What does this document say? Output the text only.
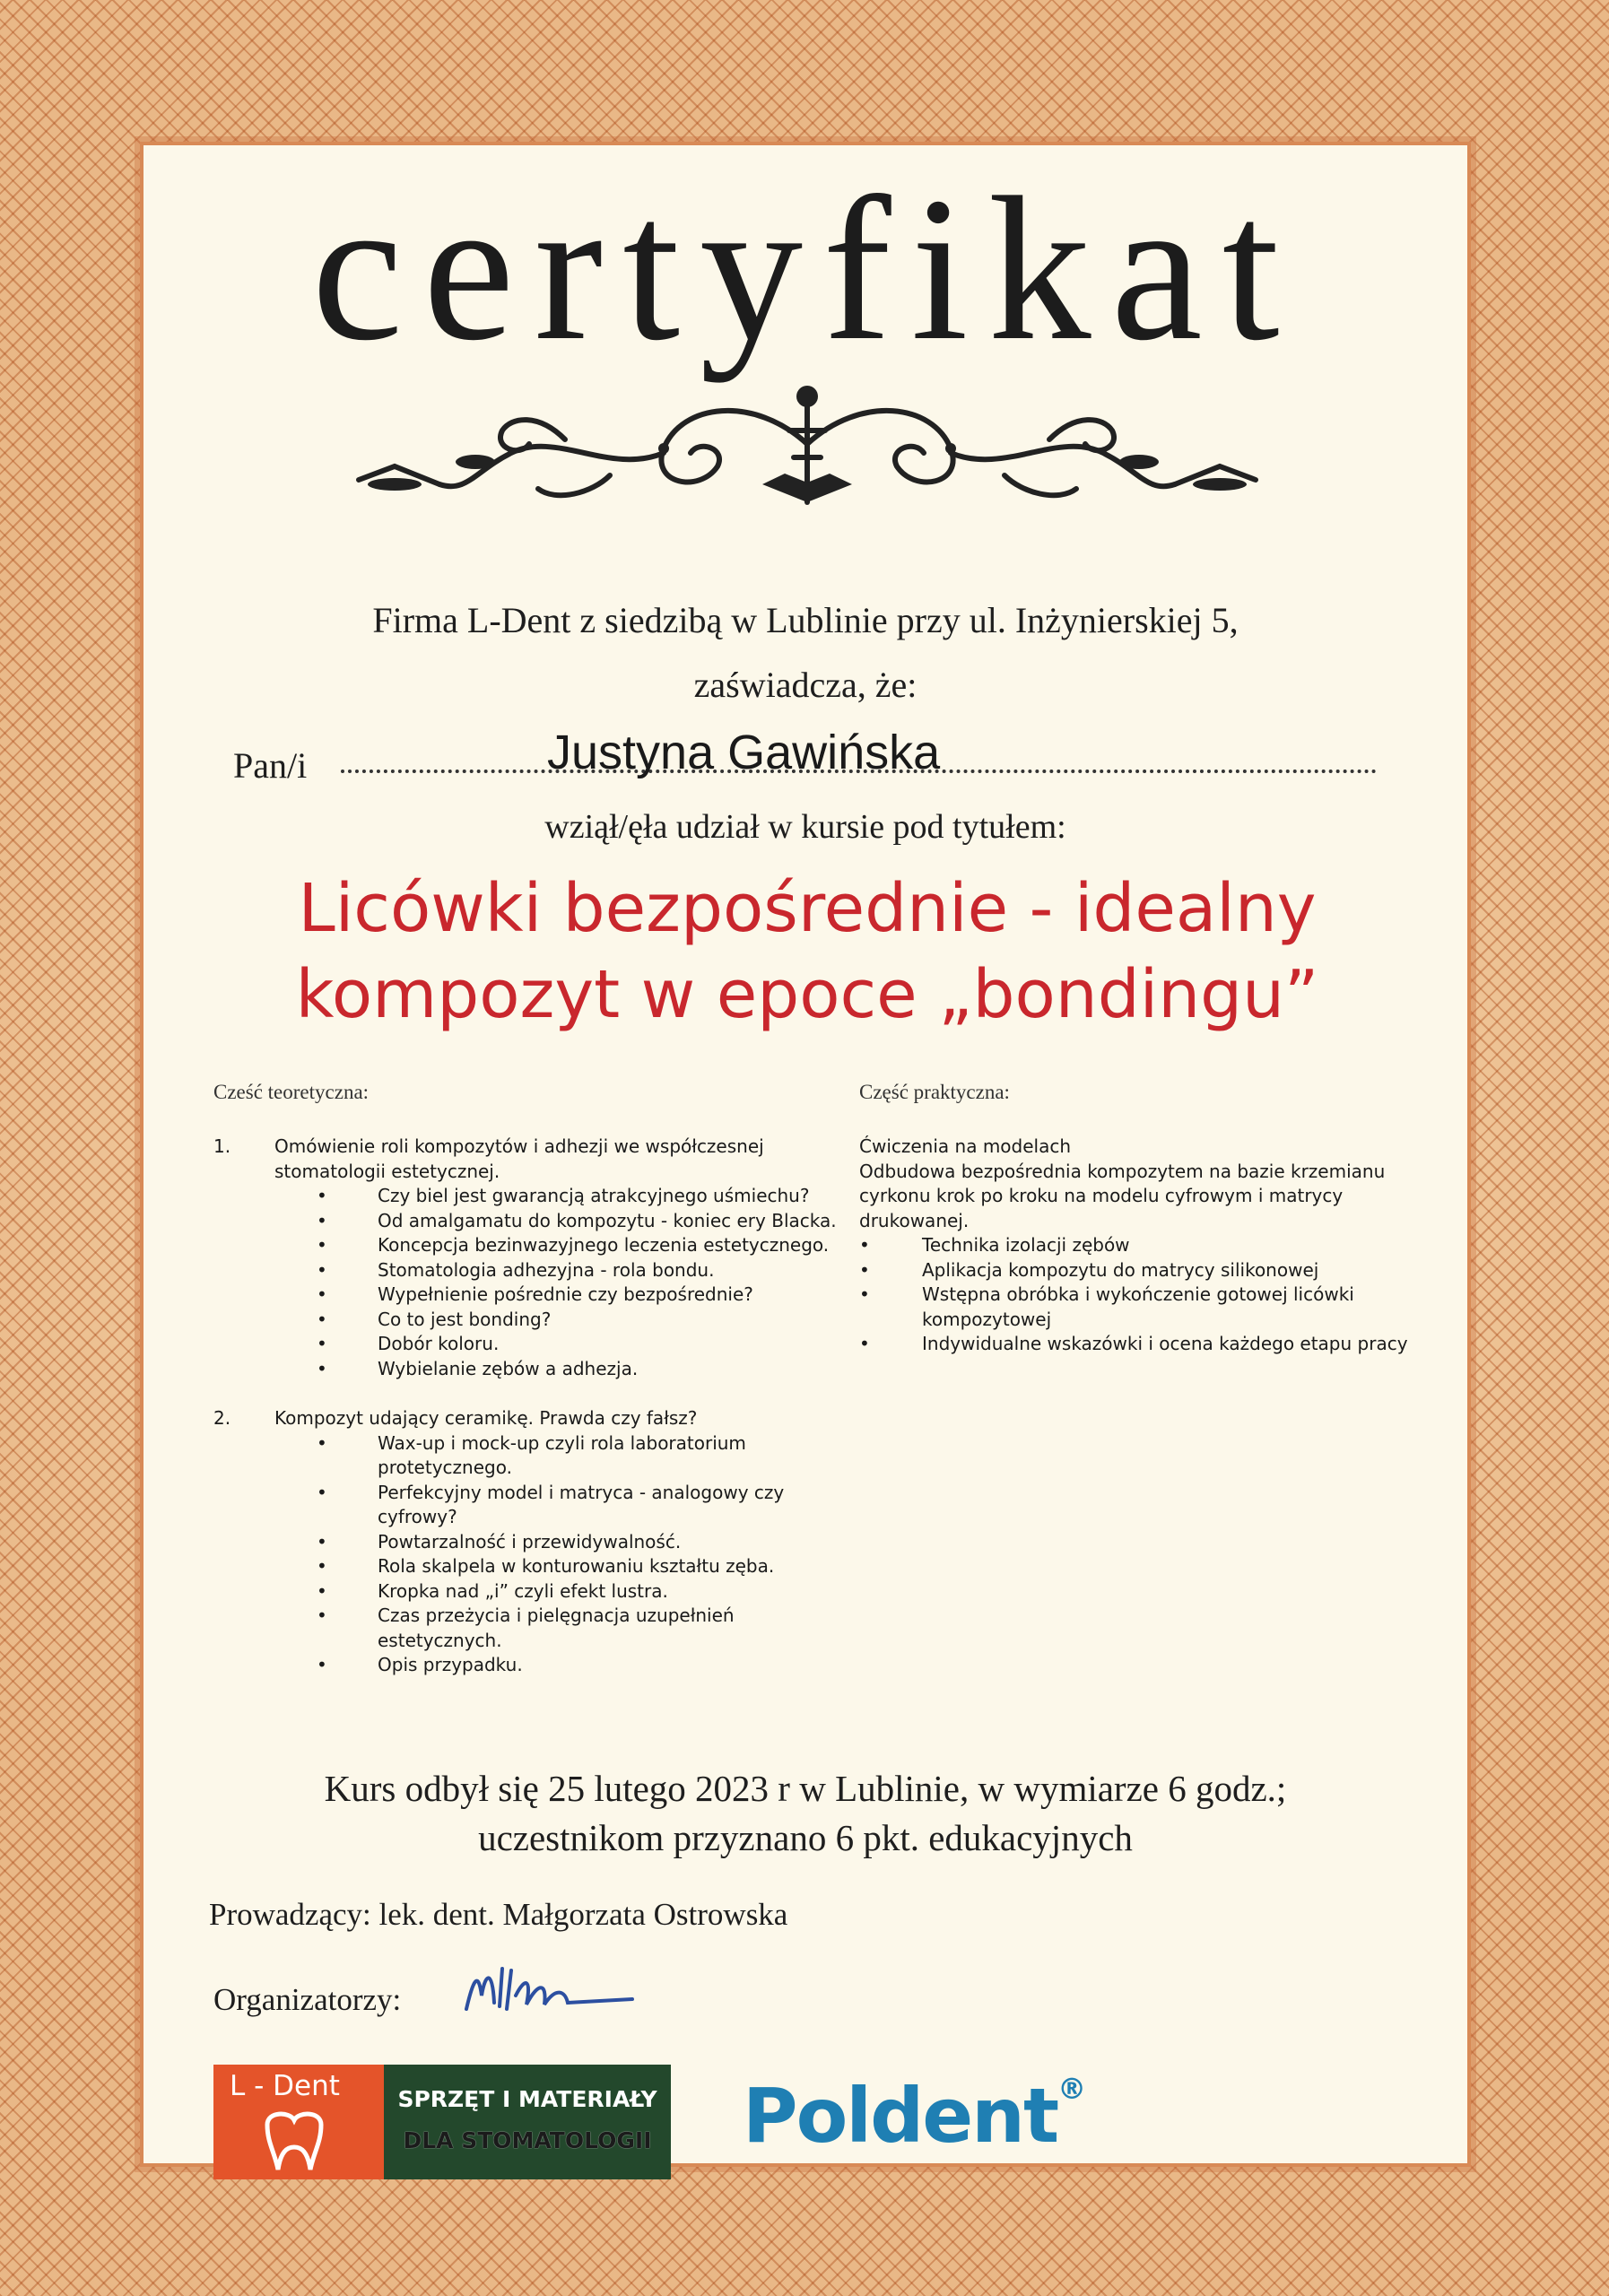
certyfikat
Firma L-Dent z siedzibą w Lublinie przy ul. Inżynierskiej 5,
zaświadcza, że:
Pan/i	Justyna Gawińska
wziął/ęła udział w kursie pod tytułem:
Licówki bezpośrednie - idealny
kompozyt w epoce „bondingu”
Cześć teoretyczna:	Część praktyczna:
1. Omówienie roli kompozytów i adhezji we współczesnej stomatologii estetycznej.
• Czy biel jest gwarancją atrakcyjnego uśmiechu?
• Od amalgamatu do kompozytu - koniec ery Blacka.
• Koncepcja bezinwazyjnego leczenia estetycznego.
• Stomatologia adhezyjna - rola bondu.
• Wypełnienie pośrednie czy bezpośrednie?
• Co to jest bonding?
• Dobór koloru.
• Wybielanie zębów a adhezja.
2. Kompozyt udający ceramikę. Prawda czy fałsz?
• Wax-up i mock-up czyli rola laboratorium protetycznego.
• Perfekcyjny model i matryca - analogowy czy cyfrowy?
• Powtarzalność i przewidywalność.
• Rola skalpela w konturowaniu kształtu zęba.
• Kropka nad „i” czyli efekt lustra.
• Czas przeżycia i pielęgnacja uzupełnień estetycznych.
• Opis przypadku.
Ćwiczenia na modelach
Odbudowa bezpośrednia kompozytem na bazie krzemianu cyrkonu krok po kroku na modelu cyfrowym i matrycy drukowanej.
• Technika izolacji zębów
• Aplikacja kompozytu do matrycy silikonowej
• Wstępna obróbka i wykończenie gotowej licówki kompozytowej
• Indywidualne wskazówki i ocena każdego etapu pracy
Kurs odbył się 25 lutego 2023 r w Lublinie, w wymiarze 6 godz.;
uczestnikom przyznano 6 pkt. edukacyjnych
Prowadzący: lek. dent. Małgorzata Ostrowska
Organizatorzy:
L - Dent	SPRZĘT I MATERIAŁY
DLA STOMATOLOGII Poldent®
